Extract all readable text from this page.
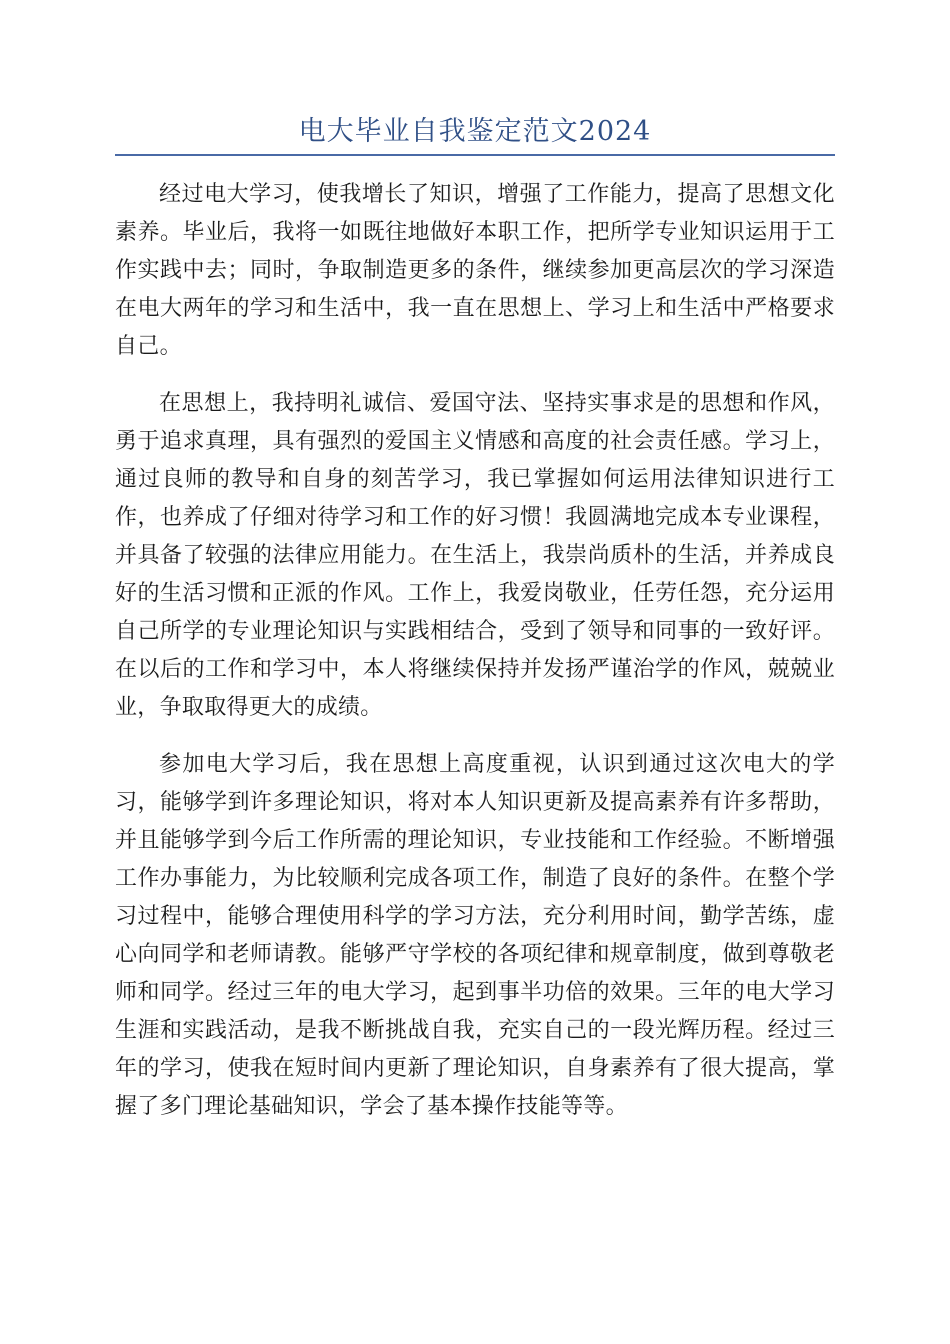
电大毕业自我鉴定范文2024

经过电大学习，使我增长了知识，增强了工作能力，提高了思想文化素养。毕业后，我将一如既往地做好本职工作，把所学专业知识运用于工作实践中去；同时，争取制造更多的条件，继续参加更高层次的学习深造在电大两年的学习和生活中，我一直在思想上、学习上和生活中严格要求自己。

在思想上，我持明礼诚信、爱国守法、坚持实事求是的思想和作风，勇于追求真理，具有强烈的爱国主义情感和高度的社会责任感。学习上，通过良师的教导和自身的刻苦学习，我已掌握如何运用法律知识进行工作，也养成了仔细对待学习和工作的好习惯！我圆满地完成本专业课程，并具备了较强的法律应用能力。在生活上，我崇尚质朴的生活，并养成良好的生活习惯和正派的作风。工作上，我爱岗敬业，任劳任怨，充分运用自己所学的专业理论知识与实践相结合，受到了领导和同事的一致好评。在以后的工作和学习中，本人将继续保持并发扬严谨治学的作风，兢兢业业，争取取得更大的成绩。

参加电大学习后，我在思想上高度重视，认识到通过这次电大的学习，能够学到许多理论知识，将对本人知识更新及提高素养有许多帮助，并且能够学到今后工作所需的理论知识，专业技能和工作经验。不断增强工作办事能力，为比较顺利完成各项工作，制造了良好的条件。在整个学习过程中，能够合理使用科学的学习方法，充分利用时间，勤学苦练，虚心向同学和老师请教。能够严守学校的各项纪律和规章制度，做到尊敬老师和同学。经过三年的电大学习，起到事半功倍的效果。三年的电大学习生涯和实践活动，是我不断挑战自我，充实自己的一段光辉历程。经过三年的学习，使我在短时间内更新了理论知识，自身素养有了很大提高，掌握了多门理论基础知识，学会了基本操作技能等等。
